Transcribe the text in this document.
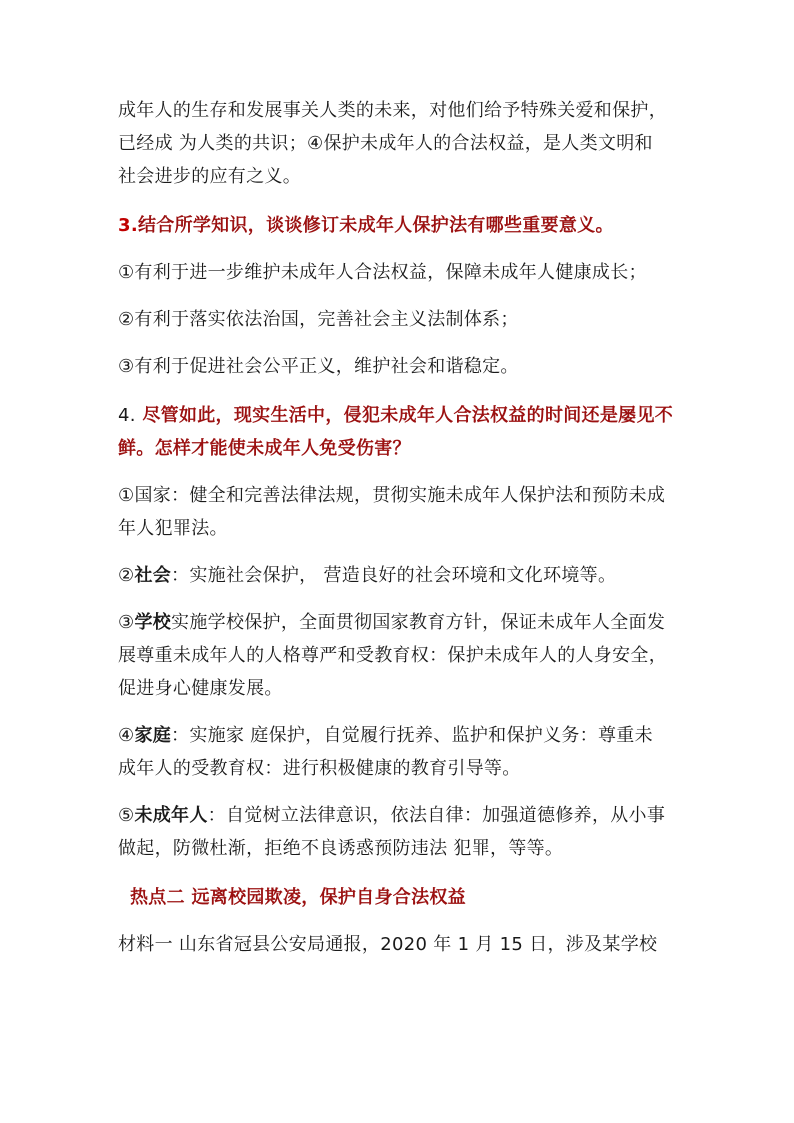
成年人的生存和发展事关人类的未来，对他们给予特殊关爱和保护，

已经成 为人类的共识；④保护未成年人的合法权益，是人类文明和

社会进步的应有之义。

3.结合所学知识，谈谈修订未成年人保护法有哪些重要意义。

①有利于进一步维护未成年人合法权益，保障未成年人健康成长；

②有利于落实依法治国，完善社会主义法制体系；

③有利于促进社会公平正义，维护社会和谐稳定。

4. 尽管如此，现实生活中，侵犯未成年人合法权益的时间还是屡见不

鲜。怎样才能使未成年人免受伤害？

①国家：健全和完善法律法规，贯彻实施未成年人保护法和预防未成

年人犯罪法。

②社会：实施社会保护， 营造良好的社会环境和文化环境等。

③学校实施学校保护，全面贯彻国家教育方针，保证未成年人全面发

展尊重未成年人的人格尊严和受教育权：保护未成年人的人身安全，

促进身心健康发展。

④家庭：实施家 庭保护，自觉履行抚养、监护和保护义务：尊重未

成年人的受教育权：进行积极健康的教育引导等。

⑤未成年人：自觉树立法律意识，依法自律：加强道德修养，从小事

做起，防微杜渐，拒绝不良诱惑预防违法 犯罪，等等。

热点二 远离校园欺凌，保护自身合法权益

材料一 山东省冠县公安局通报，2020 年 1 月 15 日，涉及某学校
